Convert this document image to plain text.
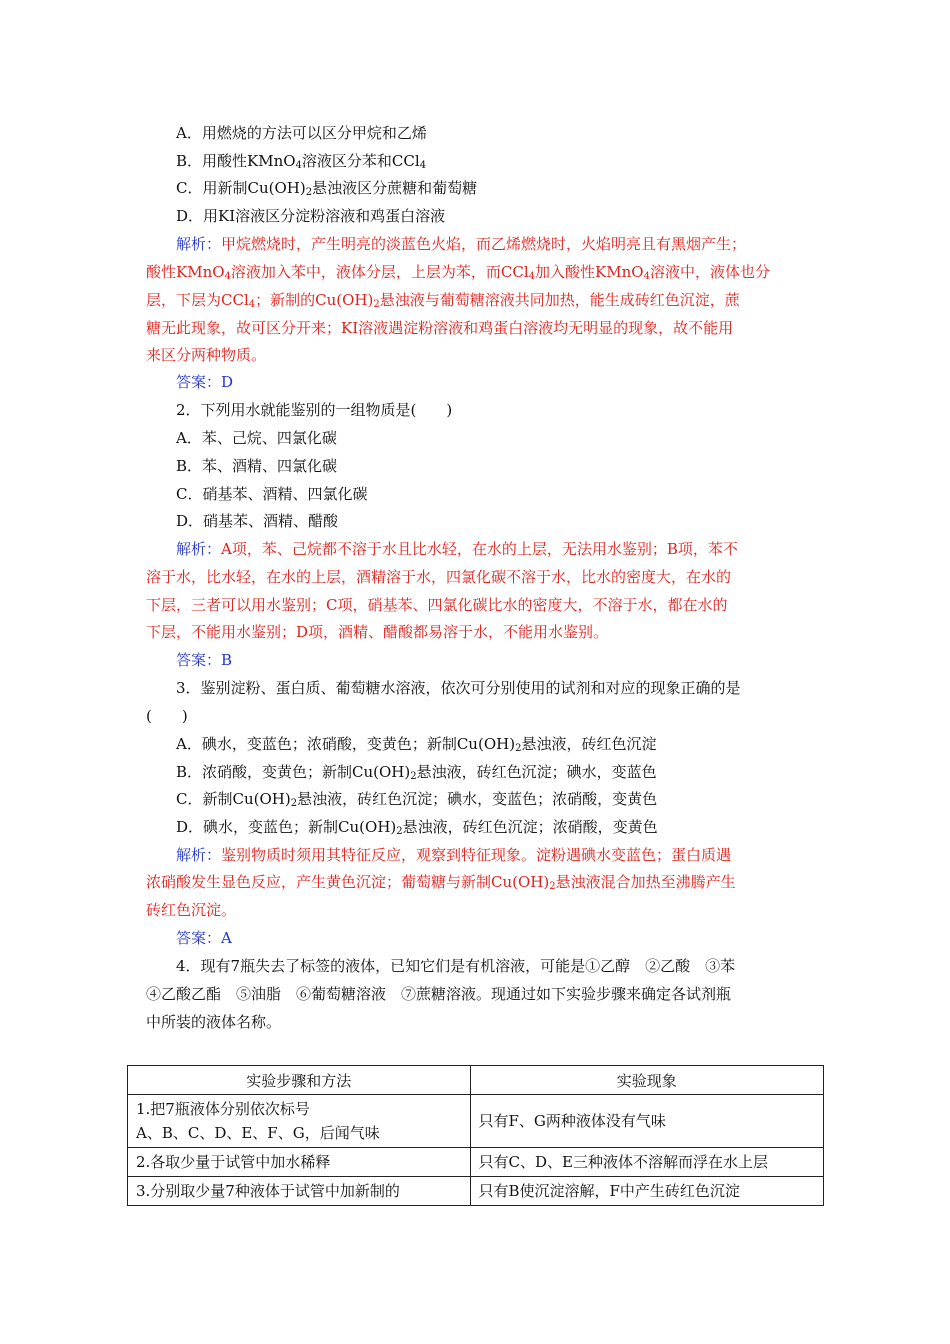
A．用燃烧的方法可以区分甲烷和乙烯
B．用酸性KMnO$_4$溶液区分苯和CCl$_4$
C．用新制$Cu(OH)_2$悬浊液区分蔗糖和葡萄糖
D．用KI溶液区分淀粉溶液和鸡蛋白溶液
解析：甲烷燃烧时，产生明亮的淡蓝色火焰，而乙烯燃烧时，火焰明亮且有黑烟产生；
酸性KMnO$_4$溶液加入苯中，液体分层，上层为苯，而CCl$_4$加入酸性KMnO$_4$溶液中，液体也分
层，下层为CCl$_4$；新制的$Cu(OH)_2$悬浊液与葡萄糖溶液共同加热，能生成砖红色沉淀，蔗
糖无此现象，故可区分开来；KI溶液遇淀粉溶液和鸡蛋白溶液均无明显的现象，故不能用
来区分两种物质。
答案：D
2．下列用水就能鉴别的一组物质是(　　)
A．苯、己烷、四氯化碳
B．苯、酒精、四氯化碳
C．硝基苯、酒精、四氯化碳
D．硝基苯、酒精、醋酸
解析：A项，苯、己烷都不溶于水且比水轻，在水的上层，无法用水鉴别；B项，苯不
溶于水，比水轻，在水的上层，酒精溶于水，四氯化碳不溶于水，比水的密度大，在水的
下层，三者可以用水鉴别；C项，硝基苯、四氯化碳比水的密度大，不溶于水，都在水的
下层，不能用水鉴别；D项，酒精、醋酸都易溶于水，不能用水鉴别。
答案：B
3．鉴别淀粉、蛋白质、葡萄糖水溶液，依次可分别使用的试剂和对应的现象正确的是
(　　)
A．碘水，变蓝色；浓硝酸，变黄色；新制$Cu(OH)_2$悬浊液，砖红色沉淀
B．浓硝酸，变黄色；新制$Cu(OH)_2$悬浊液，砖红色沉淀；碘水，变蓝色
C．新制$Cu(OH)_2$悬浊液，砖红色沉淀；碘水，变蓝色；浓硝酸，变黄色
D．碘水，变蓝色；新制$Cu(OH)_2$悬浊液，砖红色沉淀；浓硝酸，变黄色
解析：鉴别物质时须用其特征反应，观察到特征现象。淀粉遇碘水变蓝色；蛋白质遇
浓硝酸发生显色反应，产生黄色沉淀；葡萄糖与新制$Cu(OH)_2$悬浊液混合加热至沸腾产生
砖红色沉淀。
答案：A
4．现有7瓶失去了标签的液体，已知它们是有机溶液，可能是①乙醇　②乙酸　③苯
④乙酸乙酯　⑤油脂　⑥葡萄糖溶液　⑦蔗糖溶液。现通过如下实验步骤来确定各试剂瓶
中所装的液体名称。
实验步骤和方法	实验现象

1.把7瓶液体分别依次标号
A、B、C、D、E、F、G，后闻气味	只有F、G两种液体没有气味
2.各取少量于试管中加水稀释	只有C、D、E三种液体不溶解而浮在水上层
3.分别取少量7种液体于试管中加新制的	只有B使沉淀溶解，F中产生砖红色沉淀
